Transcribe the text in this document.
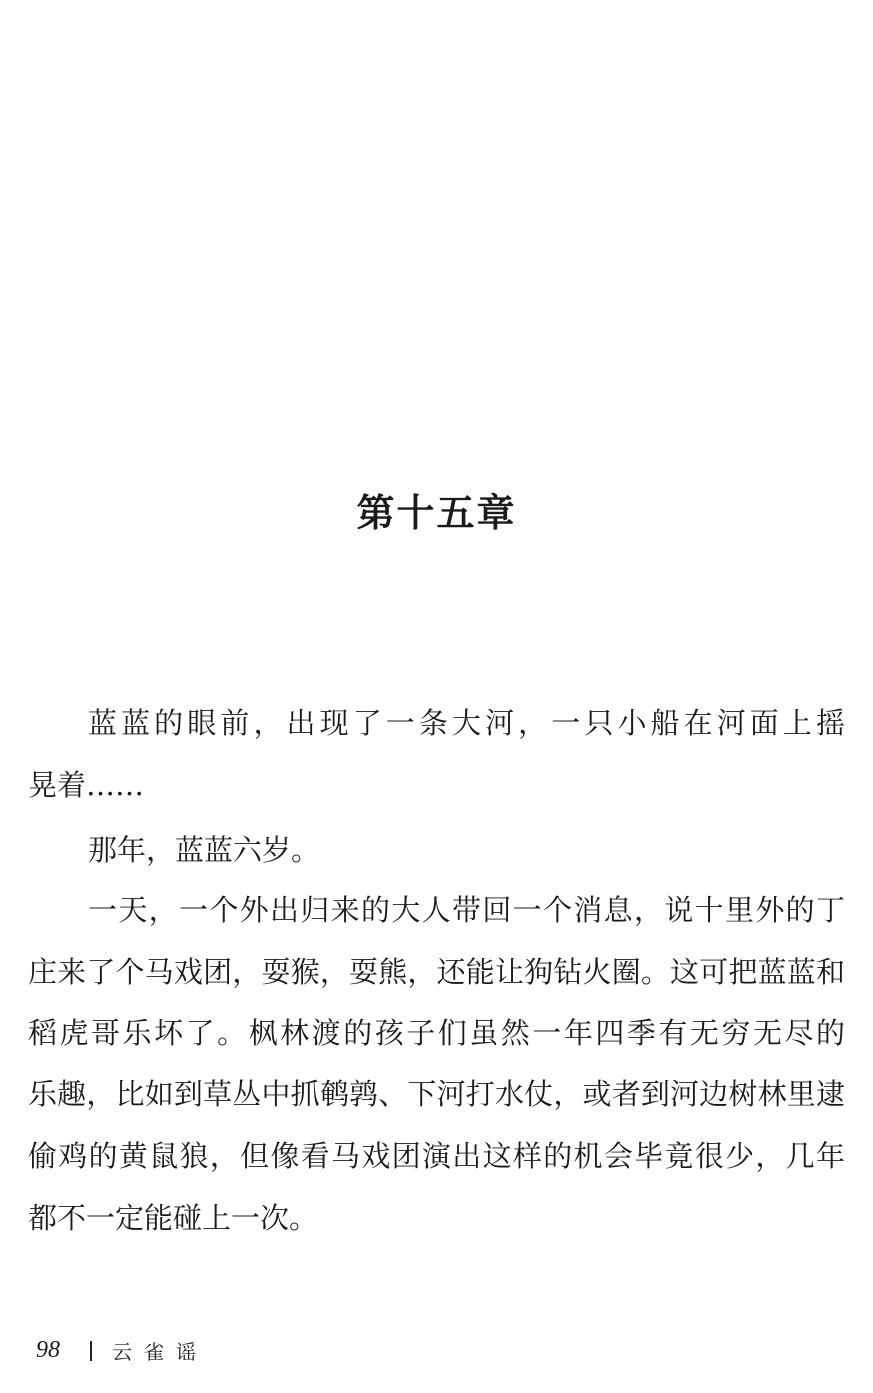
第十五章
蓝蓝的眼前，出现了一条大河，一只小船在河面上摇
晃着……
那年，蓝蓝六岁。
一天，一个外出归来的大人带回一个消息，说十里外的丁
庄来了个马戏团，耍猴，耍熊，还能让狗钻火圈。这可把蓝蓝和
稻虎哥乐坏了。枫林渡的孩子们虽然一年四季有无穷无尽的
乐趣，比如到草丛中抓鹌鹑、下河打水仗，或者到河边树林里逮
偷鸡的黄鼠狼，但像看马戏团演出这样的机会毕竟很少，几年
都不一定能碰上一次。
98	云雀谣
